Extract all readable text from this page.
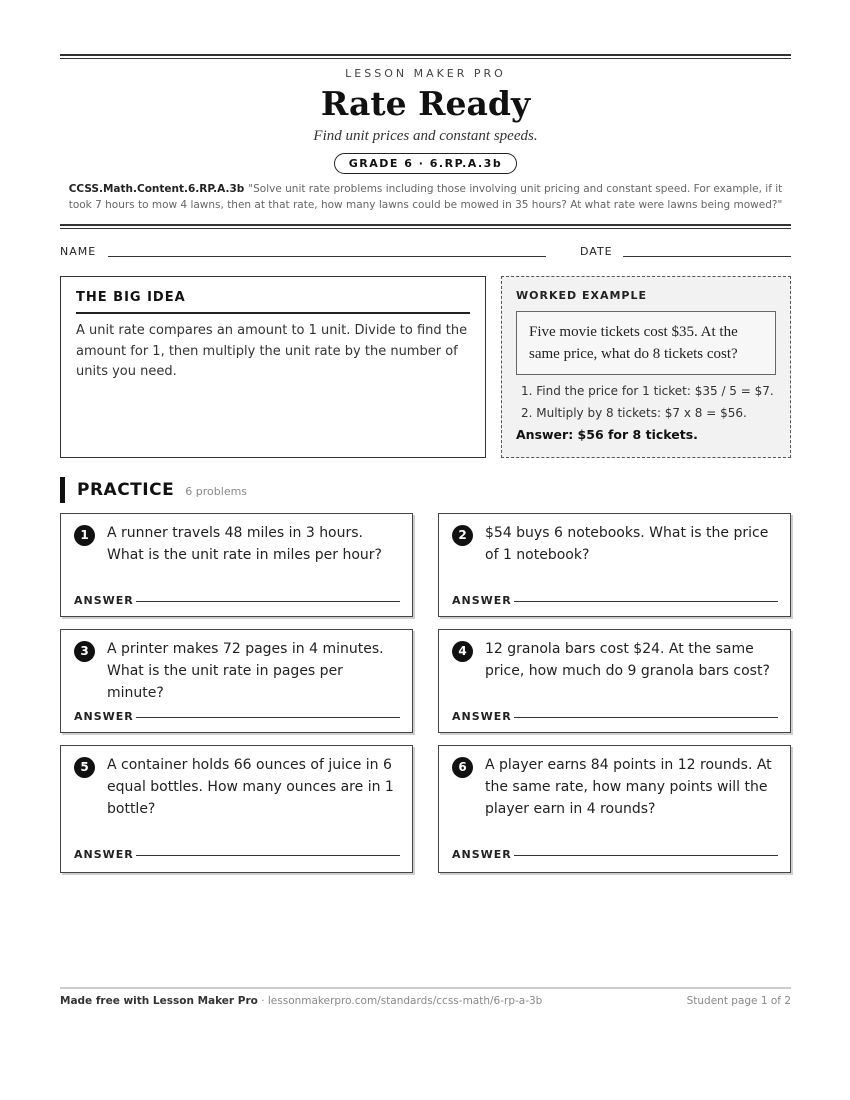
LESSON MAKER PRO
Rate Ready
Find unit prices and constant speeds.
GRADE 6 · 6.RP.A.3b
CCSS.Math.Content.6.RP.A.3b "Solve unit rate problems including those involving unit pricing and constant speed. For example, if it took 7 hours to mow 4 lawns, then at that rate, how many lawns could be mowed in 35 hours? At what rate were lawns being mowed?"
NAME	DATE
THE BIG IDEA

A unit rate compares an amount to 1 unit. Divide to find the amount for 1, then multiply the unit rate by the number of units you need.

WORKED EXAMPLE
Five movie tickets cost $35. At the same price, what do 8 tickets cost?
1. Find the price for 1 ticket: $35 / 5 = $7.
2. Multiply by 8 tickets: $7 x 8 = $56.
Answer: $56 for 8 tickets.
PRACTICE 6 problems
1	A runner travels 48 miles in 3 hours. What is the unit rate in miles per hour?
ANSWER
2	$54 buys 6 notebooks. What is the price of 1 notebook?
ANSWER
3	A printer makes 72 pages in 4 minutes. What is the unit rate in pages per minute?
ANSWER
4	12 granola bars cost $24. At the same price, how much do 9 granola bars cost?
ANSWER
5	A container holds 66 ounces of juice in 6 equal bottles. How many ounces are in 1 bottle?
ANSWER
6	A player earns 84 points in 12 rounds. At the same rate, how many points will the player earn in 4 rounds?
ANSWER
Made free with Lesson Maker Pro · lessonmakerpro.com/standards/ccss-math/6-rp-a-3b	Student page 1 of 2
